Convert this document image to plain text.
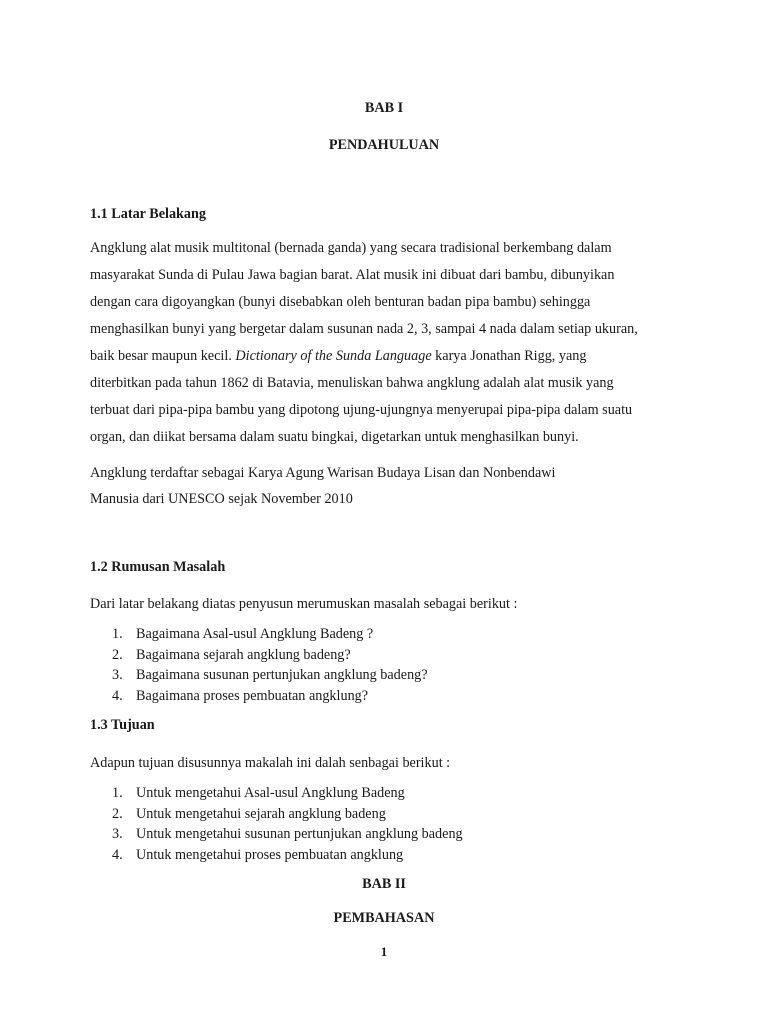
BAB I
PENDAHULUAN
1.1 Latar Belakang

Angklung alat musik multitonal (bernada ganda) yang secara tradisional berkembang dalam
masyarakat Sunda di Pulau Jawa bagian barat. Alat musik ini dibuat dari bambu, dibunyikan
dengan cara digoyangkan (bunyi disebabkan oleh benturan badan pipa bambu) sehingga
menghasilkan bunyi yang bergetar dalam susunan nada 2, 3, sampai 4 nada dalam setiap ukuran,
baik besar maupun kecil. Dictionary of the Sunda Language karya Jonathan Rigg, yang
diterbitkan pada tahun 1862 di Batavia, menuliskan bahwa angklung adalah alat musik yang
terbuat dari pipa-pipa bambu yang dipotong ujung-ujungnya menyerupai pipa-pipa dalam suatu
organ, dan diikat bersama dalam suatu bingkai, digetarkan untuk menghasilkan bunyi.

Angklung terdaftar sebagai Karya Agung Warisan Budaya Lisan dan Nonbendawi
Manusia dari UNESCO sejak November 2010

1.2 Rumusan Masalah

Dari latar belakang diatas penyusun merumuskan masalah sebagai berikut :

1. Bagaimana Asal-usul Angklung Badeng ?
2. Bagaimana sejarah angklung badeng?
3. Bagaimana susunan pertunjukan angklung badeng?
4. Bagaimana proses pembuatan angklung?
1.3 Tujuan

Adapun tujuan disusunnya makalah ini dalah senbagai berikut :

1. Untuk mengetahui Asal-usul Angklung Badeng
2. Untuk mengetahui sejarah angklung badeng
3. Untuk mengetahui susunan pertunjukan angklung badeng
4. Untuk mengetahui proses pembuatan angklung
BAB II
PEMBAHASAN
1
